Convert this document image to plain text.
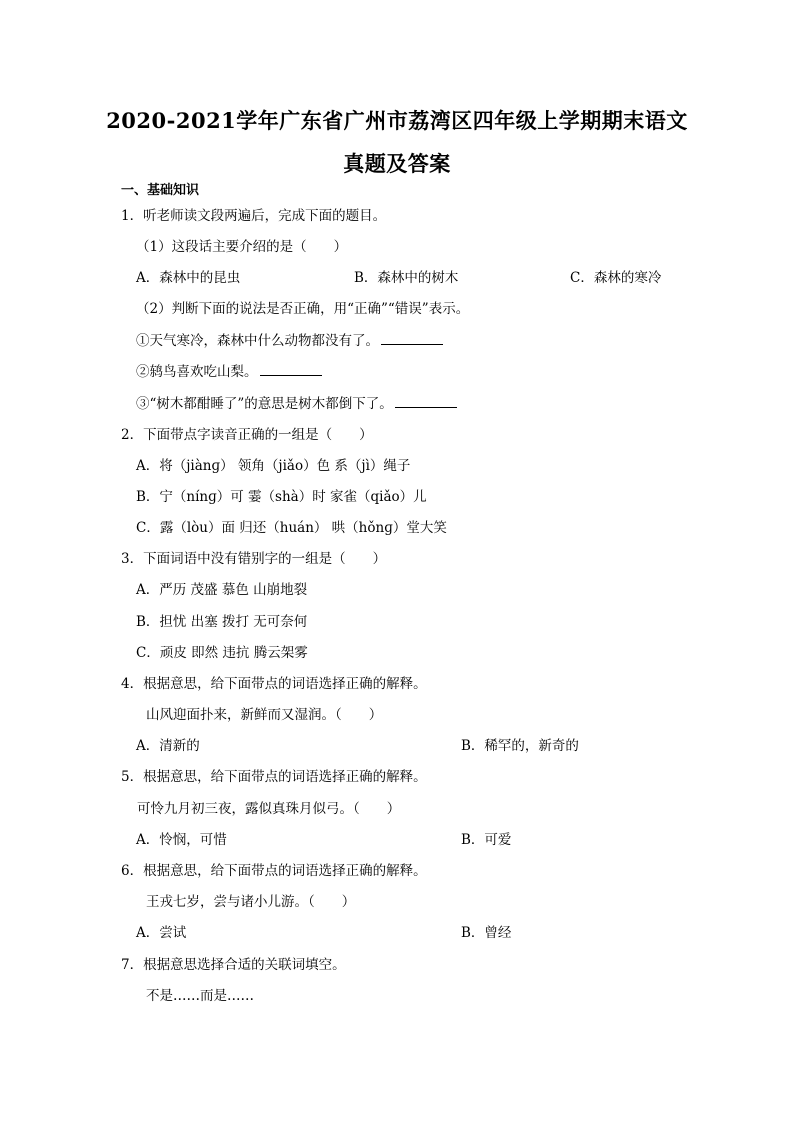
2020-2021学年广东省广州市荔湾区四年级上学期期末语文
真题及答案
一、基础知识
1．听老师读文段两遍后，完成下面的题目。
（1）这段话主要介绍的是（　　）
A．森林中的昆虫	B．森林中的树木	C．森林的寒冷
（2）判断下面的说法是否正确，用“正确”“错误”表示。
①天气寒冷，森林中什么动物都没有了。
②鸫鸟喜欢吃山梨。
③“树木都酣睡了”的意思是树木都倒下了。
2．下面带点字读音正确的一组是（　　）
A．将（jiànɡ） 领角（jiǎo）色 系（jì）绳子
B．宁（nínɡ）可 霎（shà）时 家雀（qiǎo）儿
C．露（lòu）面 归还（huán） 哄（hǒnɡ）堂大笑
3．下面词语中没有错别字的一组是（　　）
A．严历 茂盛 慕色 山崩地裂
B．担忧 出塞 拨打 无可奈何
C．顽皮 即然 违抗 腾云架雾
4．根据意思，给下面带点的词语选择正确的解释。
山风迎面扑来，新鲜而又湿润。（　　）
A．清新的	B．稀罕的，新奇的
5．根据意思，给下面带点的词语选择正确的解释。
可怜九月初三夜，露似真珠月似弓。（　　）
A．怜悯，可惜	B．可爱
6．根据意思，给下面带点的词语选择正确的解释。
王戎七岁，尝与诸小儿游。（　　）
A．尝试	B．曾经
7．根据意思选择合适的关联词填空。
不是……而是……
